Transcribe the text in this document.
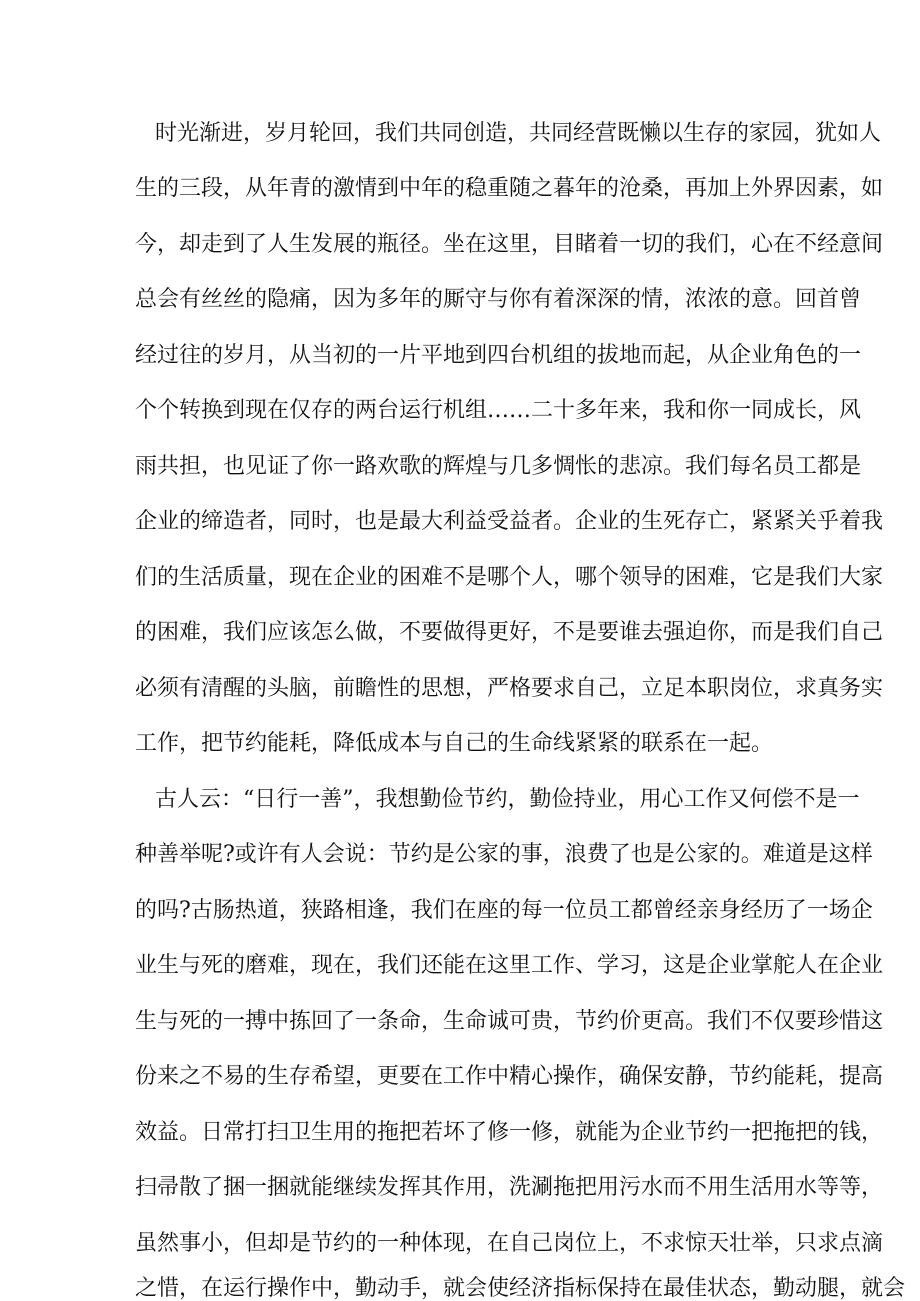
时光渐进，岁月轮回，我们共同创造，共同经营既懒以生存的家园，犹如人
生的三段，从年青的激情到中年的稳重随之暮年的沧桑，再加上外界因素，如
今，却走到了人生发展的瓶径。坐在这里，目睹着一切的我们，心在不经意间
总会有丝丝的隐痛，因为多年的厮守与你有着深深的情，浓浓的意。回首曾
经过往的岁月，从当初的一片平地到四台机组的拔地而起，从企业角色的一
个个转换到现在仅存的两台运行机组……二十多年来，我和你一同成长，风
雨共担，也见证了你一路欢歌的辉煌与几多惆怅的悲凉。我们每名员工都是
企业的缔造者，同时，也是最大利益受益者。企业的生死存亡，紧紧关乎着我
们的生活质量，现在企业的困难不是哪个人，哪个领导的困难，它是我们大家
的困难，我们应该怎么做，不要做得更好，不是要谁去强迫你，而是我们自己
必须有清醒的头脑，前瞻性的思想，严格要求自己，立足本职岗位，求真务实
工作，把节约能耗，降低成本与自己的生命线紧紧的联系在一起。
古人云：“日行一善”，我想勤俭节约，勤俭持业，用心工作又何偿不是一
种善举呢?或许有人会说：节约是公家的事，浪费了也是公家的。难道是这样
的吗?古肠热道，狭路相逢，我们在座的每一位员工都曾经亲身经历了一场企
业生与死的磨难，现在，我们还能在这里工作、学习，这是企业掌舵人在企业
生与死的一搏中拣回了一条命，生命诚可贵，节约价更高。我们不仅要珍惜这
份来之不易的生存希望，更要在工作中精心操作，确保安静，节约能耗，提高
效益。日常打扫卫生用的拖把若坏了修一修，就能为企业节约一把拖把的钱，
扫帚散了捆一捆就能继续发挥其作用，洗涮拖把用污水而不用生活用水等等，
虽然事小，但却是节约的一种体现，在自己岗位上，不求惊天壮举，只求点滴
之惜，在运行操作中，勤动手，就会使经济指标保持在最佳状态，勤动腿，就会
